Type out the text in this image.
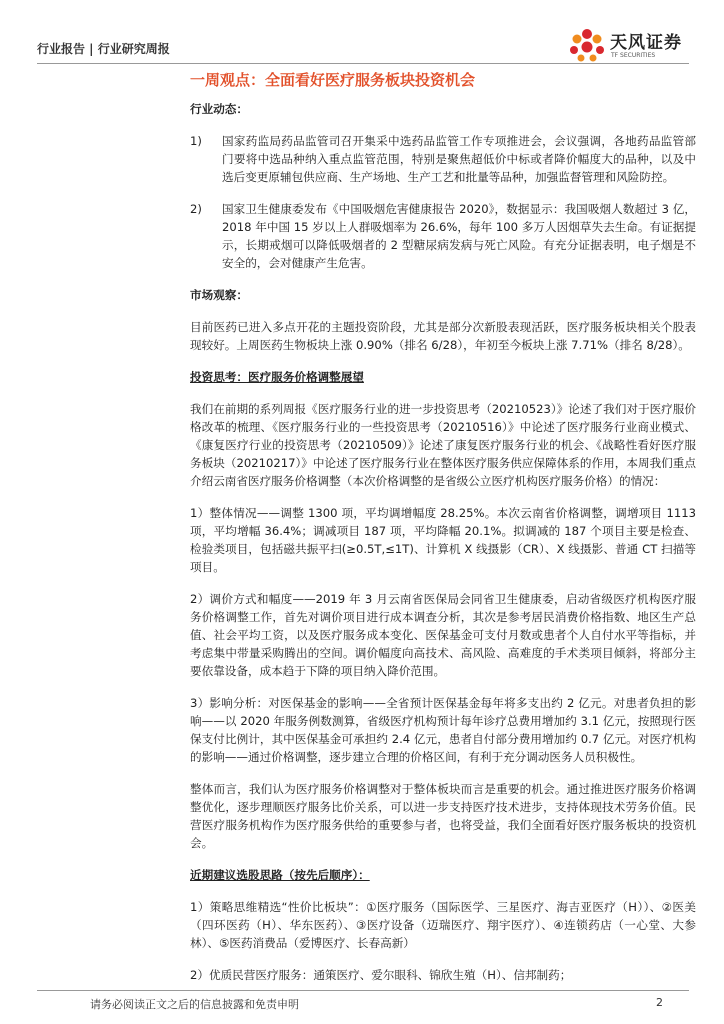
行业报告 | 行业研究周报	天风证券
TF SECURITIES
一周观点：全面看好医疗服务板块投资机会
行业动态：
1)	国家药监局药品监管司召开集采中选药品监管工作专项推进会，会议强调，各地药品监管部门要将中选品种纳入重点监管范围，特别是聚焦超低价中标或者降价幅度大的品种，以及中选后变更原辅包供应商、生产场地、生产工艺和批量等品种，加强监督管理和风险防控。
2)	国家卫生健康委发布《中国吸烟危害健康报告 2020》，数据显示：我国吸烟人数超过 3 亿，2018 年中国 15 岁以上人群吸烟率为 26.6%，每年 100 多万人因烟草失去生命。有证据提示，长期戒烟可以降低吸烟者的 2 型糖尿病发病与死亡风险。有充分证据表明，电子烟是不安全的，会对健康产生危害。
市场观察：

目前医药已进入多点开花的主题投资阶段，尤其是部分次新股表现活跃，医疗服务板块相关个股表现较好。上周医药生物板块上涨 0.90%（排名 6/28），年初至今板块上涨 7.71%（排名 8/28）。

投资思考：医疗服务价格调整展望

我们在前期的系列周报《医疗服务行业的进一步投资思考（20210523）》论述了我们对于医疗服价格改革的梳理、《医疗服务行业的一些投资思考（20210516）》中论述了医疗服务行业商业模式、《康复医疗行业的投资思考（20210509）》论述了康复医疗服务行业的机会、《战略性看好医疗服务板块（20210217）》中论述了医疗服务行业在整体医疗服务供应保障体系的作用，本周我们重点介绍云南省医疗服务价格调整（本次价格调整的是省级公立医疗机构医疗服务价格）的情况：

1）整体情况——调整 1300 项，平均调增幅度 28.25%。本次云南省价格调整，调增项目 1113 项，平均增幅 36.4%；调减项目 187 项，平均降幅 20.1%。拟调减的 187 个项目主要是检查、检验类项目，包括磁共振平扫(≥0.5T,≤1T)、计算机 X 线摄影（CR）、X 线摄影、普通 CT 扫描等项目。

2）调价方式和幅度——2019 年 3 月云南省医保局会同省卫生健康委，启动省级医疗机构医疗服务价格调整工作，首先对调价项目进行成本调查分析，其次是参考居民消费价格指数、地区生产总值、社会平均工资，以及医疗服务成本变化、医保基金可支付月数或患者个人自付水平等指标，并考虑集中带量采购腾出的空间。调价幅度向高技术、高风险、高难度的手术类项目倾斜，将部分主要依靠设备，成本趋于下降的项目纳入降价范围。

3）影响分析：对医保基金的影响——全省预计医保基金每年将多支出约 2 亿元。对患者负担的影响——以 2020 年服务例数测算，省级医疗机构预计每年诊疗总费用增加约 3.1 亿元，按照现行医保支付比例计，其中医保基金可承担约 2.4 亿元，患者自付部分费用增加约 0.7 亿元。对医疗机构的影响——通过价格调整，逐步建立合理的价格区间，有利于充分调动医务人员积极性。

整体而言，我们认为医疗服务价格调整对于整体板块而言是重要的机会。通过推进医疗服务价格调整优化，逐步理顺医疗服务比价关系，可以进一步支持医疗技术进步，支持体现技术劳务价值。民营医疗服务机构作为医疗服务供给的重要参与者，也将受益，我们全面看好医疗服务板块的投资机会。

近期建议选股思路（按先后顺序）：

1）策略思维精选“性价比板块”：①医疗服务（国际医学、三星医疗、海吉亚医疗（H））、②医美（四环医药（H）、华东医药）、③医疗设备（迈瑞医疗、翔宇医疗）、④连锁药店（一心堂、大参林）、⑤医药消费品（爱博医疗、长春高新）

2）优质民营医疗服务：通策医疗、爱尔眼科、锦欣生殖（H）、信邦制药；

请务必阅读正文之后的信息披露和免责申明	2
